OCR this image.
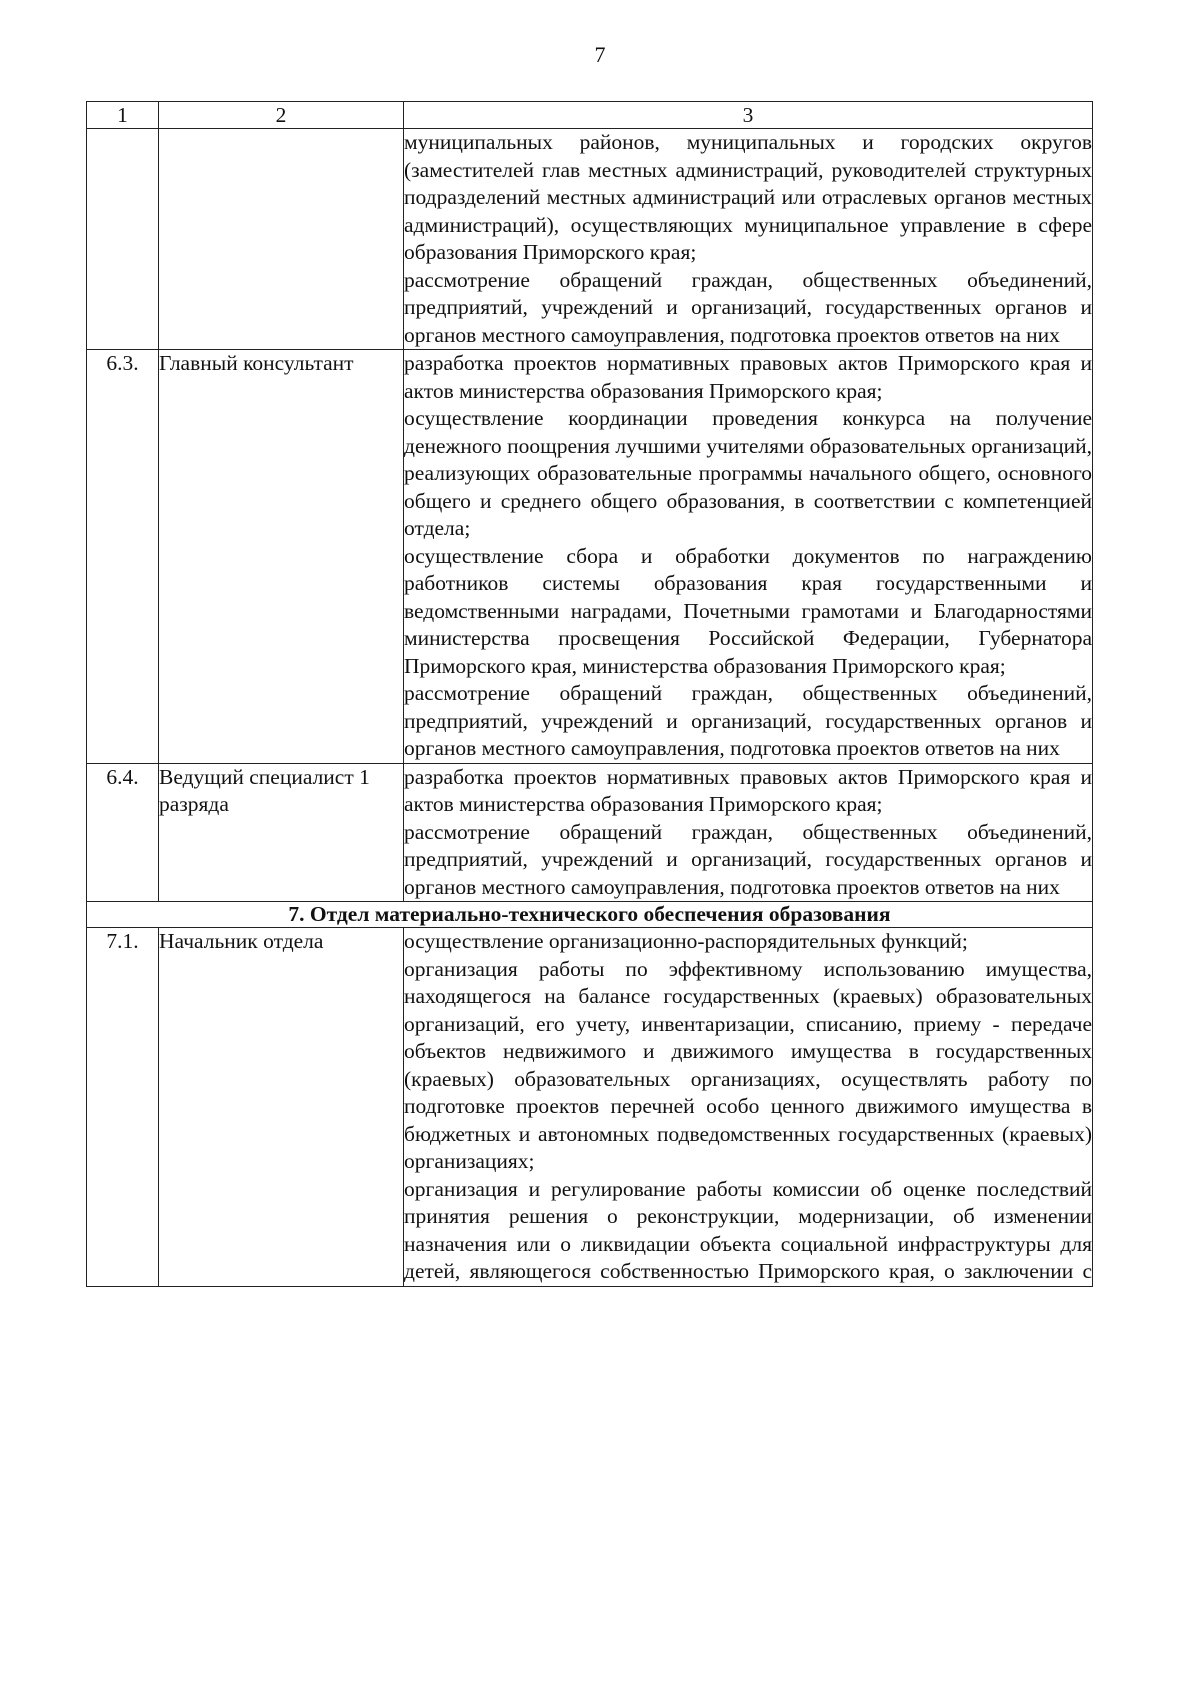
7
1	2	3

		муниципальных районов, муниципальных и городских округов (заместителей глав местных администраций, руководителей структурных подразделений местных администраций или отраслевых органов местных администраций), осуществляющих муниципальное управление в сфере образования Приморского края;

рассмотрение обращений граждан, общественных объединений, предприятий, учреждений и организаций, государственных органов и органов местного самоуправления, подготовка проектов ответов на них

6.3.	Главный консультант	разработка проектов нормативных правовых актов Приморского края и актов министерства образования Приморского края;

осуществление координации проведения конкурса на получение денежного поощрения лучшими учителями образовательных организаций, реализующих образовательные программы начального общего, основного общего и среднего общего образования, в соответствии с компетенцией отдела;

осуществление сбора и обработки документов по награждению работников системы образования края государственными и ведомственными наградами, Почетными грамотами и Благодарностями министерства просвещения Российской Федерации, Губернатора Приморского края, министерства образования Приморского края;

рассмотрение обращений граждан, общественных объединений, предприятий, учреждений и организаций, государственных органов и органов местного самоуправления, подготовка проектов ответов на них

6.4.	Ведущий специалист 1 разряда	разработка проектов нормативных правовых актов Приморского края и актов министерства образования Приморского края;

рассмотрение обращений граждан, общественных объединений, предприятий, учреждений и организаций, государственных органов и органов местного самоуправления, подготовка проектов ответов на них

7. Отдел материально-технического обеспечения образования		
7.1.	Начальник отдела	осуществление организационно-распорядительных функций;

организация работы по эффективному использованию имущества, находящегося на балансе государственных (краевых) образовательных организаций, его учету, инвентаризации, списанию, приему - передаче объектов недвижимого и движимого имущества в государственных (краевых) образовательных организациях, осуществлять работу по подготовке проектов перечней особо ценного движимого имущества в бюджетных и автономных подведомственных государственных (краевых) организациях;

организация и регулирование работы комиссии об оценке последствий принятия решения о реконструкции, модернизации, об изменении назначения или о ликвидации объекта социальной инфраструктуры для детей, являющегося собственностью Приморского края, о заключении с
